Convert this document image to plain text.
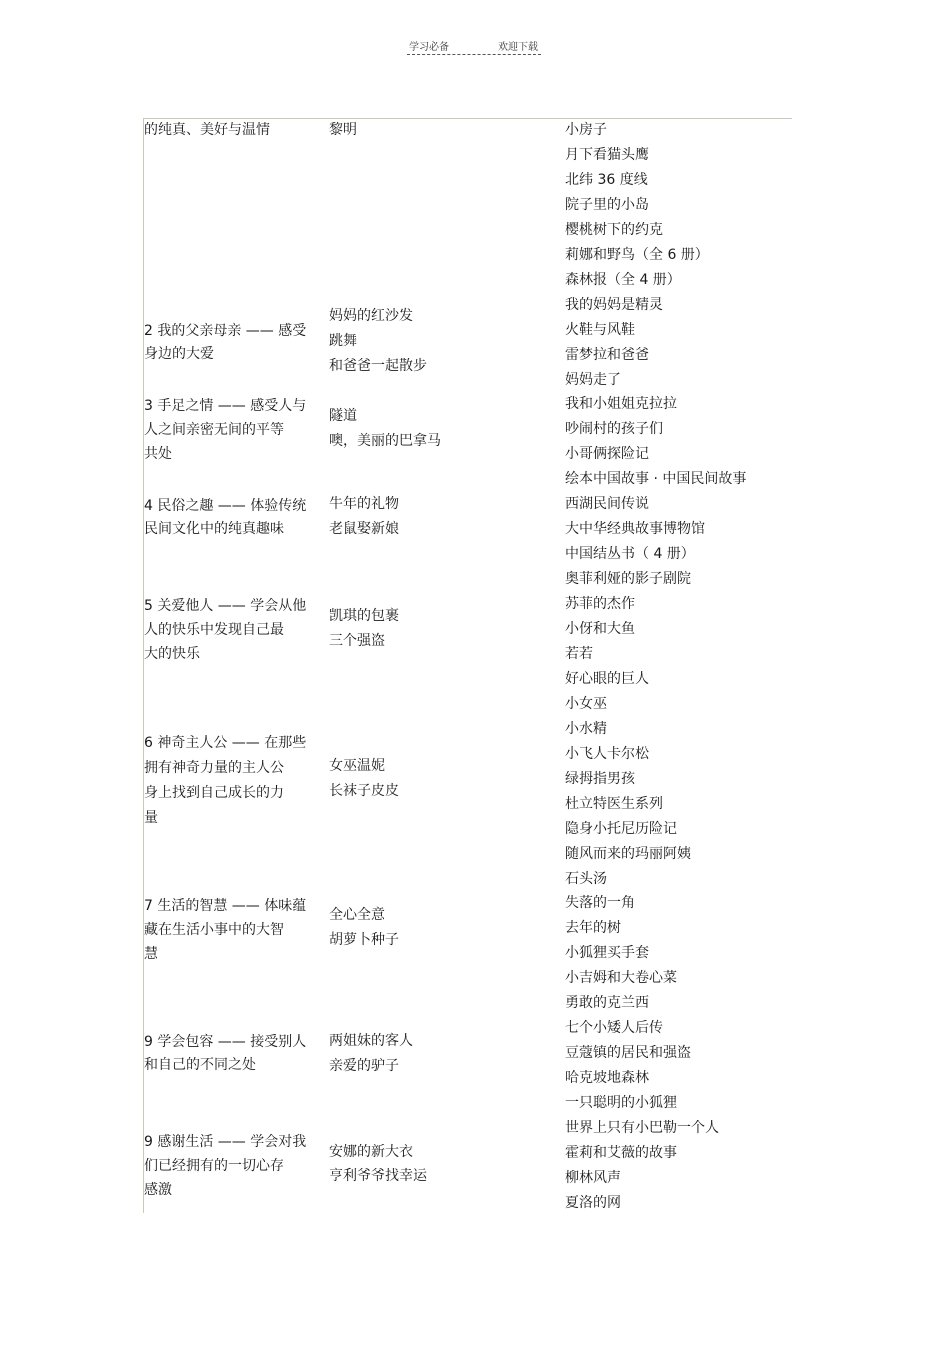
学习必备	欢迎下载
的纯真、美好与温情
2 我的父亲母亲 —— 感受
身边的大爱
3 手足之情 —— 感受人与
人之间亲密无间的平等
共处
4 民俗之趣 —— 体验传统
民间文化中的纯真趣味
5 关爱他人 —— 学会从他
人的快乐中发现自己最
大的快乐
6 神奇主人公 —— 在那些
拥有神奇力量的主人公
身上找到自己成长的力
量
7 生活的智慧 —— 体味蕴
藏在生活小事中的大智
慧
9 学会包容 —— 接受别人
和自己的不同之处
9 感谢生活 —— 学会对我
们已经拥有的一切心存
感激
黎明
妈妈的红沙发
跳舞
和爸爸一起散步
隧道
噢，美丽的巴拿马
牛年的礼物
老鼠娶新娘
凯琪的包裹
三个强盗
女巫温妮
长袜子皮皮
全心全意
胡萝卜种子
两姐妹的客人
亲爱的驴子
安娜的新大衣
亨利爷爷找幸运
小房子
月下看猫头鹰
北纬 36 度线
院子里的小岛
樱桃树下的约克
莉娜和野鸟（全 6 册）
森林报（全 4 册）
我的妈妈是精灵
火鞋与风鞋
雷梦拉和爸爸
妈妈走了
我和小姐姐克拉拉
吵闹村的孩子们
小哥俩探险记
绘本中国故事 · 中国民间故事
西湖民间传说
大中华经典故事博物馆
中国结丛书（ 4 册）
奥菲利娅的影子剧院
苏菲的杰作
小伢和大鱼
若若
好心眼的巨人
小女巫
小水精
小飞人卡尔松
绿拇指男孩
杜立特医生系列
隐身小托尼历险记
随风而来的玛丽阿姨
石头汤
失落的一角
去年的树
小狐狸买手套
小吉姆和大卷心菜
勇敢的克兰西
七个小矮人后传
豆蔻镇的居民和强盗
哈克坡地森林
一只聪明的小狐狸
世界上只有小巴勒一个人
霍莉和艾薇的故事
柳林风声
夏洛的网
